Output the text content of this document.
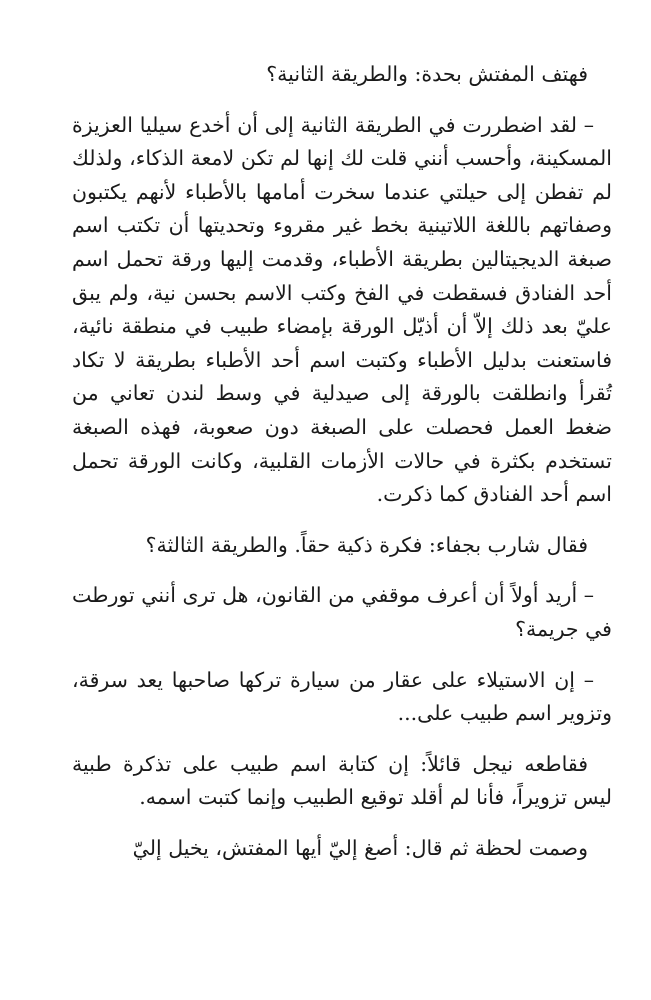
فهتف المفتش بحدة: والطريقة الثانية؟

– لقد اضطررت في الطريقة الثانية إلى أن أخدع سيليا العزيزة المسكينة، وأحسب أنني قلت لك إنها لم تكن لامعة الذكاء، ولذلك لم تفطن إلى حيلتي عندما سخرت أمامها بالأطباء لأنهم يكتبون وصفاتهم باللغة اللاتينية بخط غير مقروء وتحديتها أن تكتب اسم صبغة الديجيتالين بطريقة الأطباء، وقدمت إليها ورقة تحمل اسم أحد الفنادق فسقطت في الفخ وكتب الاسم بحسن نية، ولم يبق عليّ بعد ذلك إلاّ أن أذيّل الورقة بإمضاء طبيب في منطقة نائية، فاستعنت بدليل الأطباء وكتبت اسم أحد الأطباء بطريقة لا تكاد تُقرأ وانطلقت بالورقة إلى صيدلية في وسط لندن تعاني من ضغط العمل فحصلت على الصبغة دون صعوبة، فهذه الصبغة تستخدم بكثرة في حالات الأزمات القلبية، وكانت الورقة تحمل اسم أحد الفنادق كما ذكرت.

فقال شارب بجفاء: فكرة ذكية حقاً. والطريقة الثالثة؟

– أريد أولاً أن أعرف موقفي من القانون، هل ترى أنني تورطت في جريمة؟

– إن الاستيلاء على عقار من سيارة تركها صاحبها يعد سرقة، وتزوير اسم طبيب على...

فقاطعه نيجل قائلاً: إن كتابة اسم طبيب على تذكرة طبية ليس تزويراً، فأنا لم أقلد توقيع الطبيب وإنما كتبت اسمه.

وصمت لحظة ثم قال: أصغ إليّ أيها المفتش، يخيل إليّ
